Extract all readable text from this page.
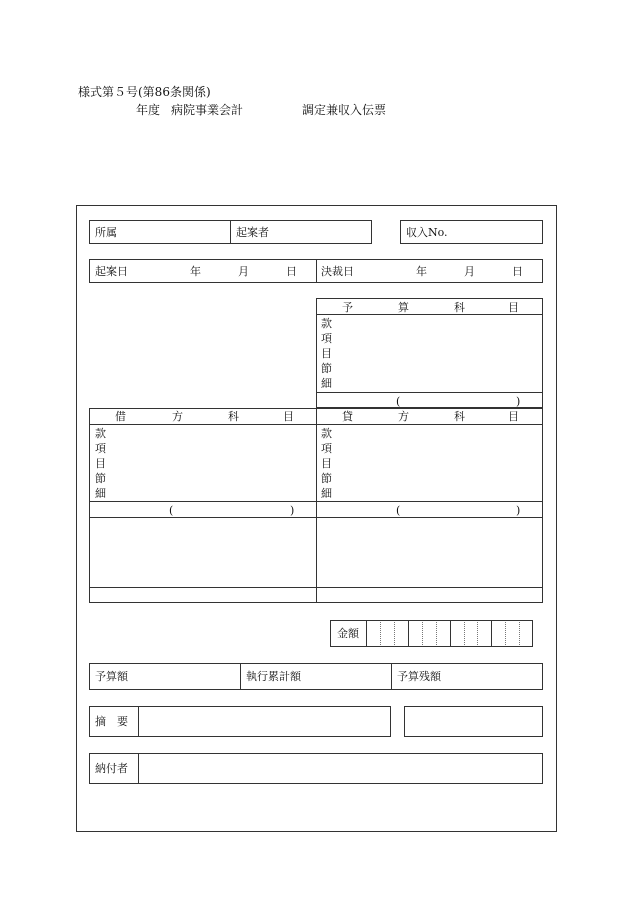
様式第５号(第86条関係)
年度 病院事業会計	調定兼収入伝票
所属	起案者	収入No.
起案日	年	月	日 決裁日	年	月	日
予	算	科	目
款
項
目
節
細
(	)
借	方	科	目
款
項
目
節
細
(	)
貸	方	科	目
款
項
目
節
細
(	)
金額
予算額	執行累計額	予算残額
摘　要
納付者
